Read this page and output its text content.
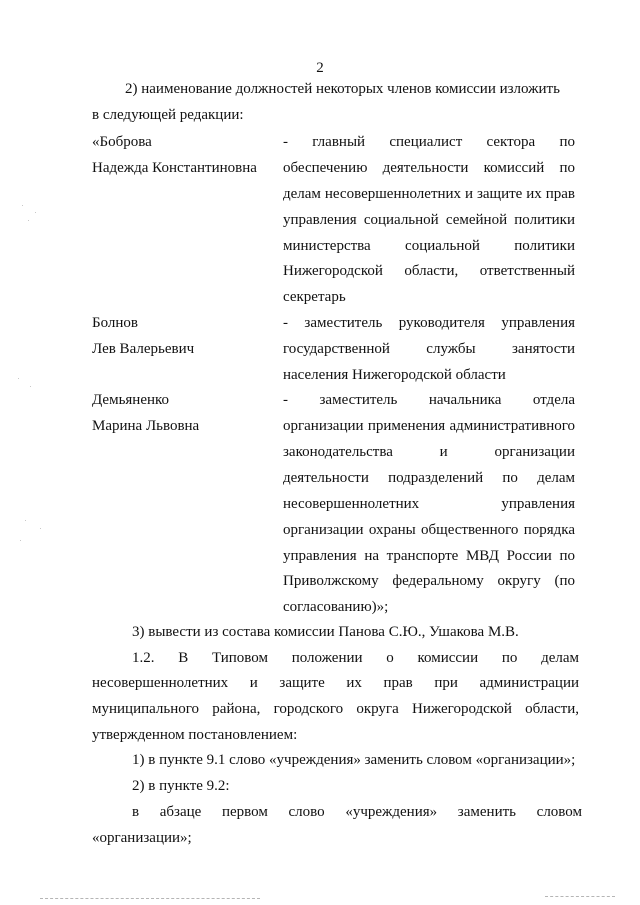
2
2) наименование должностей некоторых членов комиссии изложить
в следующей редакции:
«Боброва
Надежда Константиновна
- главный специалист сектора по
обеспечению деятельности комиссий по
делам несовершеннолетних и защите их прав
управления социальной семейной политики
министерства социальной политики
Нижегородской области, ответственный
секретарь
Болнов
Лев Валерьевич
- заместитель руководителя управления
государственной службы занятости
населения Нижегородской области
Демьяненко
Марина Львовна
- заместитель начальника отдела
организации применения административного
законодательства и организации
деятельности подразделений по делам
несовершеннолетних управления
организации охраны общественного порядка
управления на транспорте МВД России по
Приволжскому федеральному округу (по
согласованию)»;
3) вывести из состава комиссии Панова С.Ю., Ушакова М.В.
1.2. В Типовом положении о комиссии по делам
несовершеннолетних и защите их прав при администрации
муниципального района, городского округа Нижегородской области,
утвержденном постановлением:
1) в пункте 9.1 слово «учреждения» заменить словом «организации»;
2) в пункте 9.2:
в абзаце первом слово «учреждения» заменить словом
«организации»;
